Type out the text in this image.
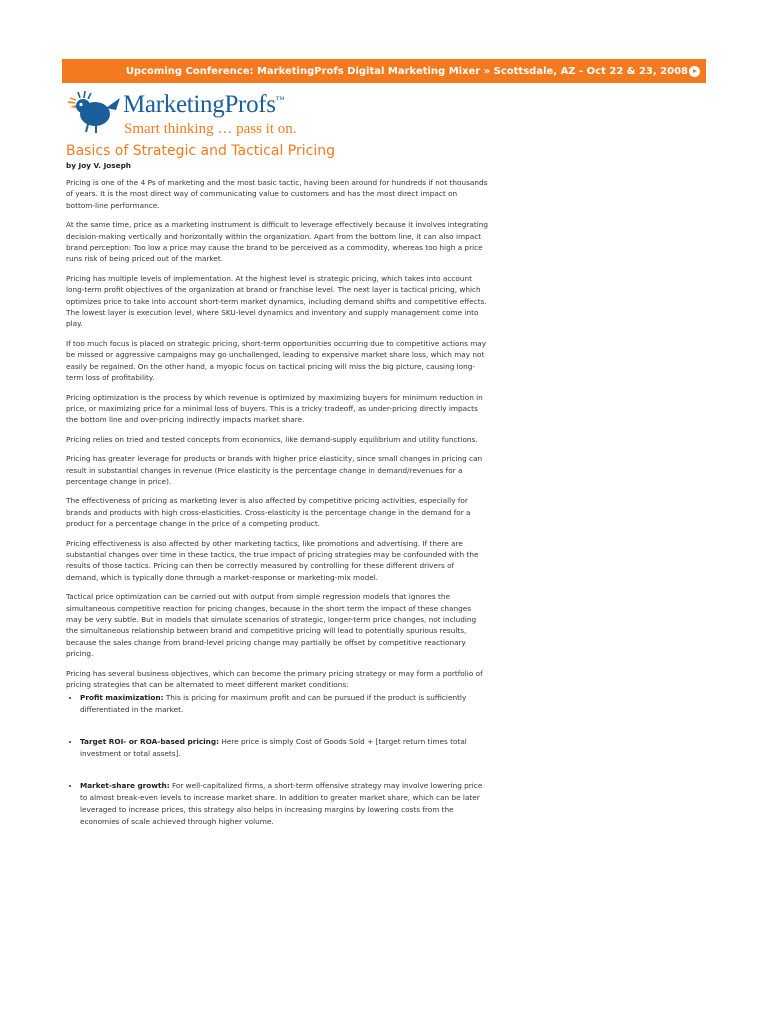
Upcoming Conference: MarketingProfs Digital Marketing Mixer » Scottsdale, AZ - Oct 22 & 23, 2008
MarketingProfs™
Smart thinking … pass it on.
Basics of Strategic and Tactical Pricing
by Joy V. Joseph

Pricing is one of the 4 Ps of marketing and the most basic tactic, having been around for hundreds if not thousands of years. It is the most direct way of communicating value to customers and has the most direct impact on bottom-line performance.

At the same time, price as a marketing instrument is difficult to leverage effectively because it involves integrating decision-making vertically and horizontally within the organization. Apart from the bottom line, it can also impact brand perception: Too low a price may cause the brand to be perceived as a commodity, whereas too high a price runs risk of being priced out of the market.

Pricing has multiple levels of implementation. At the highest level is strategic pricing, which takes into account long-term profit objectives of the organization at brand or franchise level. The next layer is tactical pricing, which optimizes price to take into account short-term market dynamics, including demand shifts and competitive effects. The lowest layer is execution level, where SKU-level dynamics and inventory and supply management come into play.

If too much focus is placed on strategic pricing, short-term opportunities occurring due to competitive actions may be missed or aggressive campaigns may go unchallenged, leading to expensive market share loss, which may not easily be regained. On the other hand, a myopic focus on tactical pricing will miss the big picture, causing long-term loss of profitability.

Pricing optimization is the process by which revenue is optimized by maximizing buyers for minimum reduction in price, or maximizing price for a minimal loss of buyers. This is a tricky tradeoff, as under-pricing directly impacts the bottom line and over-pricing indirectly impacts market share.

Pricing relies on tried and tested concepts from economics, like demand-supply equilibrium and utility functions.

Pricing has greater leverage for products or brands with higher price elasticity, since small changes in pricing can result in substantial changes in revenue (Price elasticity is the percentage change in demand/revenues for a percentage change in price).

The effectiveness of pricing as marketing lever is also affected by competitive pricing activities, especially for brands and products with high cross-elasticities. Cross-elasticity is the percentage change in the demand for a product for a percentage change in the price of a competing product.

Pricing effectiveness is also affected by other marketing tactics, like promotions and advertising. If there are substantial changes over time in these tactics, the true impact of pricing strategies may be confounded with the results of those tactics. Pricing can then be correctly measured by controlling for these different drivers of demand, which is typically done through a market-response or marketing-mix model.

Tactical price optimization can be carried out with output from simple regression models that ignores the simultaneous competitive reaction for pricing changes, because in the short term the impact of these changes may be very subtle. But in models that simulate scenarios of strategic, longer-term price changes, not including the simultaneous relationship between brand and competitive pricing will lead to potentially spurious results, because the sales change from brand-level pricing change may partially be offset by competitive reactionary pricing.

Pricing has several business objectives, which can become the primary pricing strategy or may form a portfolio of pricing strategies that can be alternated to meet different market conditions:

• Profit maximization: This is pricing for maximum profit and can be pursued if the product is sufficiently differentiated in the market.
• Target ROI- or ROA-based pricing: Here price is simply Cost of Goods Sold + [target return times total investment or total assets].
• Market-share growth: For well-capitalized firms, a short-term offensive strategy may involve lowering price to almost break-even levels to increase market share. In addition to greater market share, which can be later leveraged to increase prices, this strategy also helps in increasing margins by lowering costs from the economies of scale achieved through higher volume.
